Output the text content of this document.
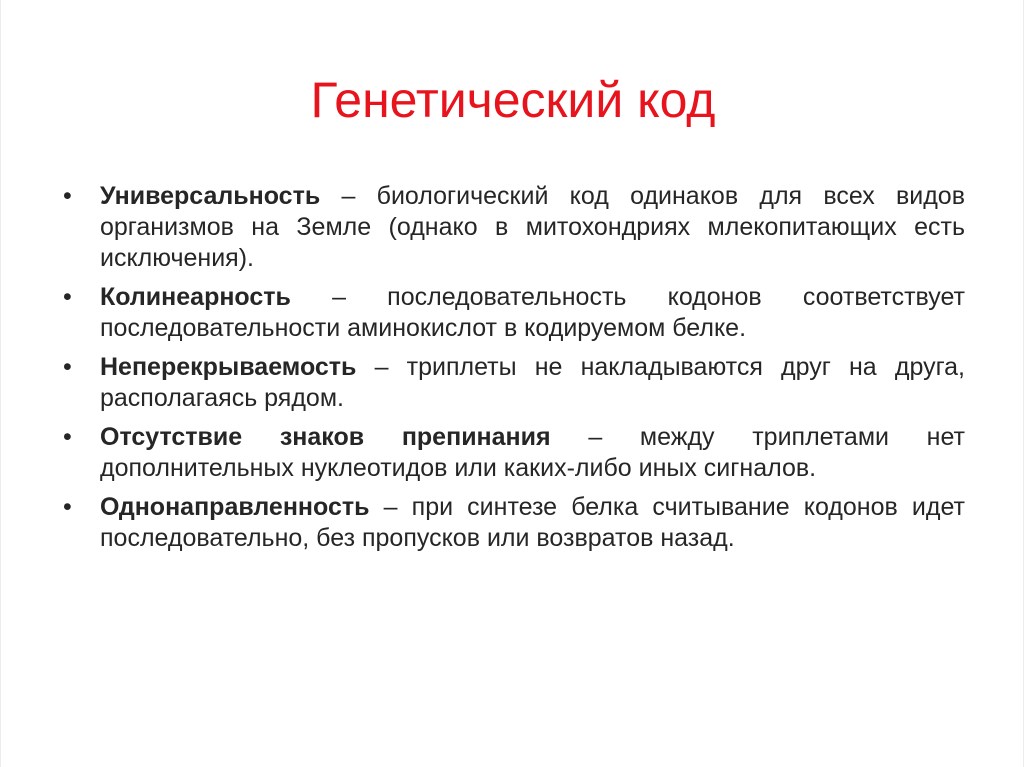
Генетический код
• Универсальность – биологический код одинаков для всех видов организмов на Земле (однако в митохондриях млекопитающих есть исключения).
• Колинеарность – последовательность кодонов соответствует последовательности аминокислот в кодируемом белке.
• Неперекрываемость – триплеты не накладываются друг на друга, располагаясь рядом.
• Отсутствие знаков препинания – между триплетами нет дополнительных нуклеотидов или каких-либо иных сигналов.
• Однонаправленность – при синтезе белка считывание кодонов идет последовательно, без пропусков или возвратов назад.
